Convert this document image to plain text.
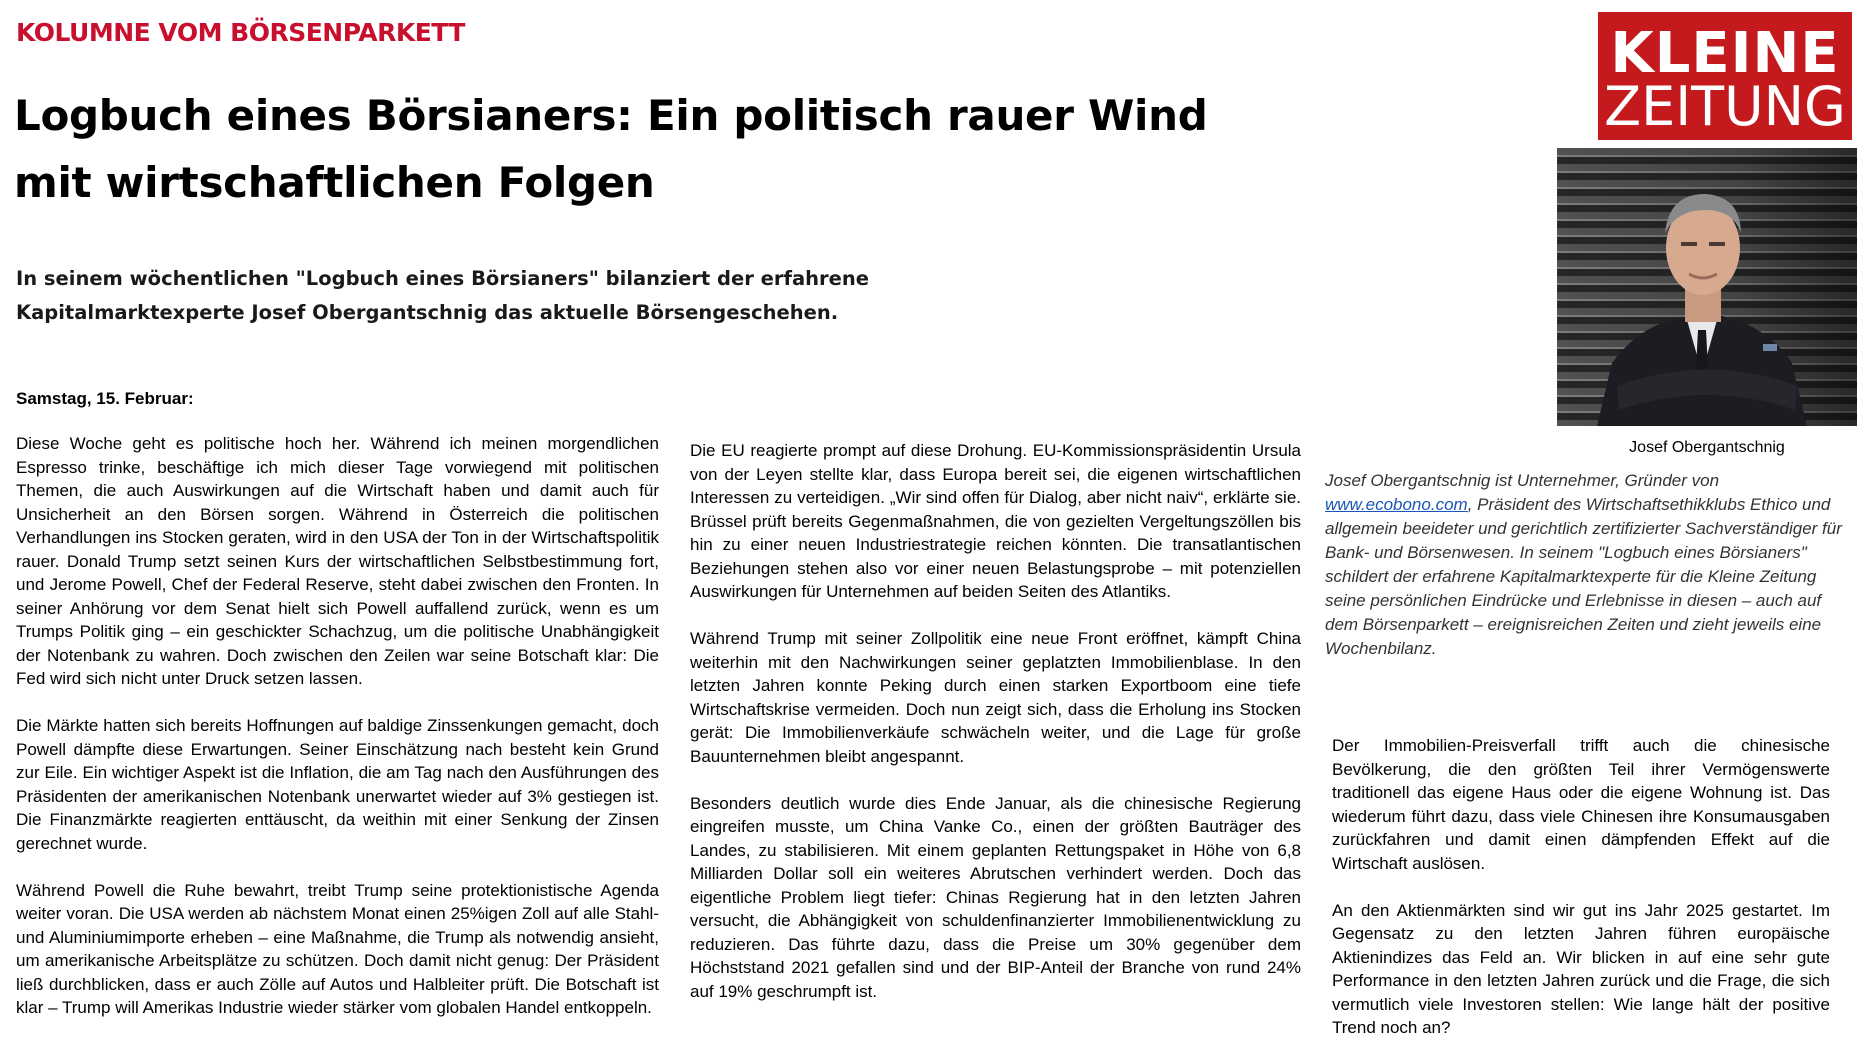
KOLUMNE VOM BÖRSENPARKETT
Logbuch eines Börsianers: Ein politisch rauer Wind mit wirtschaftlichen Folgen
In seinem wöchentlichen "Logbuch eines Börsianers" bilanziert der erfahrene Kapitalmarktexperte Josef Obergantschnig das aktuelle Börsengeschehen.
KLEINE
ZEITUNG
Josef Obergantschnig
Josef Obergantschnig ist Unternehmer, Gründer von www.ecobono.com, Präsident des Wirtschaftsethikklubs Ethico und allgemein beeideter und gerichtlich zertifizierter Sachverständiger für Bank- und Börsenwesen. In seinem "Logbuch eines Börsianers" schildert der erfahrene Kapitalmarktexperte für die Kleine Zeitung seine persönlichen Eindrücke und Erlebnisse in diesen – auch auf dem Börsenparkett – ereignisreichen Zeiten und zieht jeweils eine Wochenbilanz.
Samstag, 15. Februar:

Diese Woche geht es politische hoch her. Während ich meinen morgendlichen Espresso trinke, beschäftige ich mich dieser Tage vorwiegend mit politischen Themen, die auch Auswirkungen auf die Wirtschaft haben und damit auch für Unsicherheit an den Börsen sorgen. Während in Österreich die politischen Verhandlungen ins Stocken geraten, wird in den USA der Ton in der Wirtschaftspolitik rauer. Donald Trump setzt seinen Kurs der wirtschaftlichen Selbstbestimmung fort, und Jerome Powell, Chef der Federal Reserve, steht dabei zwischen den Fronten. In seiner Anhörung vor dem Senat hielt sich Powell auffallend zurück, wenn es um Trumps Politik ging – ein geschickter Schachzug, um die politische Unabhängigkeit der Notenbank zu wahren. Doch zwischen den Zeilen war seine Botschaft klar: Die Fed wird sich nicht unter Druck setzen lassen.

Die Märkte hatten sich bereits Hoffnungen auf baldige Zinssenkungen gemacht, doch Powell dämpfte diese Erwartungen. Seiner Einschätzung nach besteht kein Grund zur Eile. Ein wichtiger Aspekt ist die Inflation, die am Tag nach den Ausführungen des Präsidenten der amerikanischen Notenbank unerwartet wieder auf 3% gestiegen ist. Die Finanzmärkte reagierten enttäuscht, da weithin mit einer Senkung der Zinsen gerechnet wurde.

Während Powell die Ruhe bewahrt, treibt Trump seine protektionistische Agenda weiter voran. Die USA werden ab nächstem Monat einen 25%igen Zoll auf alle Stahl- und Aluminiumimporte erheben – eine Maßnahme, die Trump als notwendig ansieht, um amerikanische Arbeitsplätze zu schützen. Doch damit nicht genug: Der Präsident ließ durchblicken, dass er auch Zölle auf Autos und Halbleiter prüft. Die Botschaft ist klar – Trump will Amerikas Industrie wieder stärker vom globalen Handel entkoppeln.

Die EU reagierte prompt auf diese Drohung. EU-Kommissionspräsidentin Ursula von der Leyen stellte klar, dass Europa bereit sei, die eigenen wirtschaftlichen Interessen zu verteidigen. „Wir sind offen für Dialog, aber nicht naiv“, erklärte sie. Brüssel prüft bereits Gegenmaßnahmen, die von gezielten Vergeltungszöllen bis hin zu einer neuen Industriestrategie reichen könnten. Die transatlantischen Beziehungen stehen also vor einer neuen Belastungsprobe – mit potenziellen Auswirkungen für Unternehmen auf beiden Seiten des Atlantiks.

Während Trump mit seiner Zollpolitik eine neue Front eröffnet, kämpft China weiterhin mit den Nachwirkungen seiner geplatzten Immobilienblase. In den letzten Jahren konnte Peking durch einen starken Exportboom eine tiefe Wirtschaftskrise vermeiden. Doch nun zeigt sich, dass die Erholung ins Stocken gerät: Die Immobilienverkäufe schwächeln weiter, und die Lage für große Bauunternehmen bleibt angespannt.

Besonders deutlich wurde dies Ende Januar, als die chinesische Regierung eingreifen musste, um China Vanke Co., einen der größten Bauträger des Landes, zu stabilisieren. Mit einem geplanten Rettungspaket in Höhe von 6,8 Milliarden Dollar soll ein weiteres Abrutschen verhindert werden. Doch das eigentliche Problem liegt tiefer: Chinas Regierung hat in den letzten Jahren versucht, die Abhängigkeit von schuldenfinanzierter Immobilienentwicklung zu reduzieren. Das führte dazu, dass die Preise um 30% gegenüber dem Höchststand 2021 gefallen sind und der BIP-Anteil der Branche von rund 24% auf 19% geschrumpft ist.

Der Immobilien-Preisverfall trifft auch die chinesische Bevölkerung, die den größten Teil ihrer Vermögenswerte traditionell das eigene Haus oder die eigene Wohnung ist. Das wiederum führt dazu, dass viele Chinesen ihre Konsumausgaben zurückfahren und damit einen dämpfenden Effekt auf die Wirtschaft auslösen.

An den Aktienmärkten sind wir gut ins Jahr 2025 gestartet. Im Gegensatz zu den letzten Jahren führen europäische Aktienindizes das Feld an. Wir blicken in auf eine sehr gute Performance in den letzten Jahren zurück und die Frage, die sich vermutlich viele Investoren stellen: Wie lange hält der positive Trend noch an?
